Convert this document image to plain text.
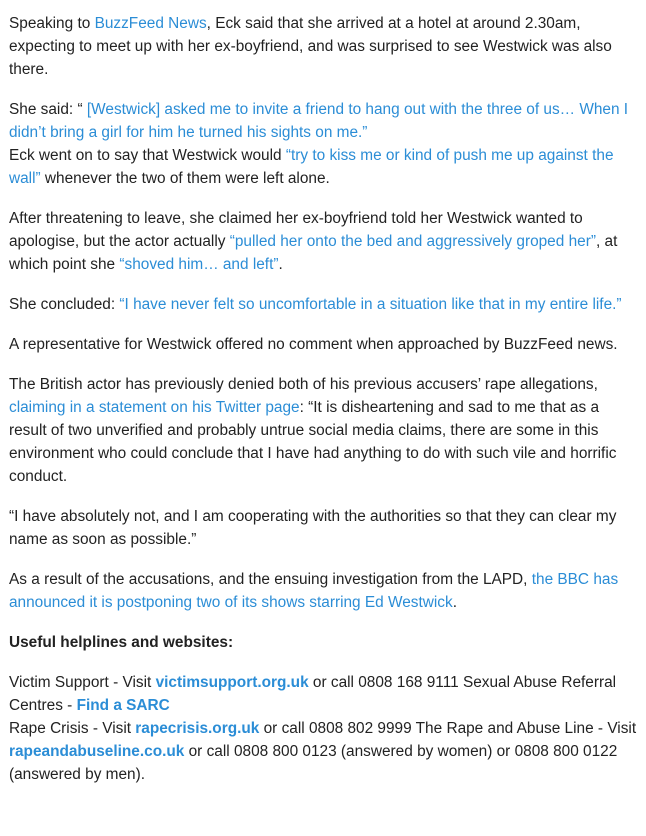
Speaking to BuzzFeed News, Eck said that she arrived at a hotel at around 2.30am, expecting to meet up with her ex-boyfriend, and was surprised to see Westwick was also there.

She said: “ [Westwick] asked me to invite a friend to hang out with the three of us… When I didn’t bring a girl for him he turned his sights on me.”

Eck went on to say that Westwick would “try to kiss me or kind of push me up against the wall” whenever the two of them were left alone.

After threatening to leave, she claimed her ex-boyfriend told her Westwick wanted to apologise, but the actor actually “pulled her onto the bed and aggressively groped her”, at which point she “shoved him… and left”.

She concluded: “I have never felt so uncomfortable in a situation like that in my entire life.”

A representative for Westwick offered no comment when approached by BuzzFeed news.

The British actor has previously denied both of his previous accusers’ rape allegations, claiming in a statement on his Twitter page: “It is disheartening and sad to me that as a result of two unverified and probably untrue social media claims, there are some in this environment who could conclude that I have had anything to do with such vile and horrific conduct.

“I have absolutely not, and I am cooperating with the authorities so that they can clear my name as soon as possible.”

As a result of the accusations, and the ensuing investigation from the LAPD, the BBC has announced it is postponing two of its shows starring Ed Westwick.

Useful helplines and websites:

Victim Support - Visit victimsupport.org.uk or call 0808 168 9111 Sexual Abuse Referral Centres - Find a SARC

Rape Crisis - Visit rapecrisis.org.uk or call 0808 802 9999 The Rape and Abuse Line - Visit rapeandabuseline.co.uk or call 0808 800 0123 (answered by women) or 0808 800 0122 (answered by men).
